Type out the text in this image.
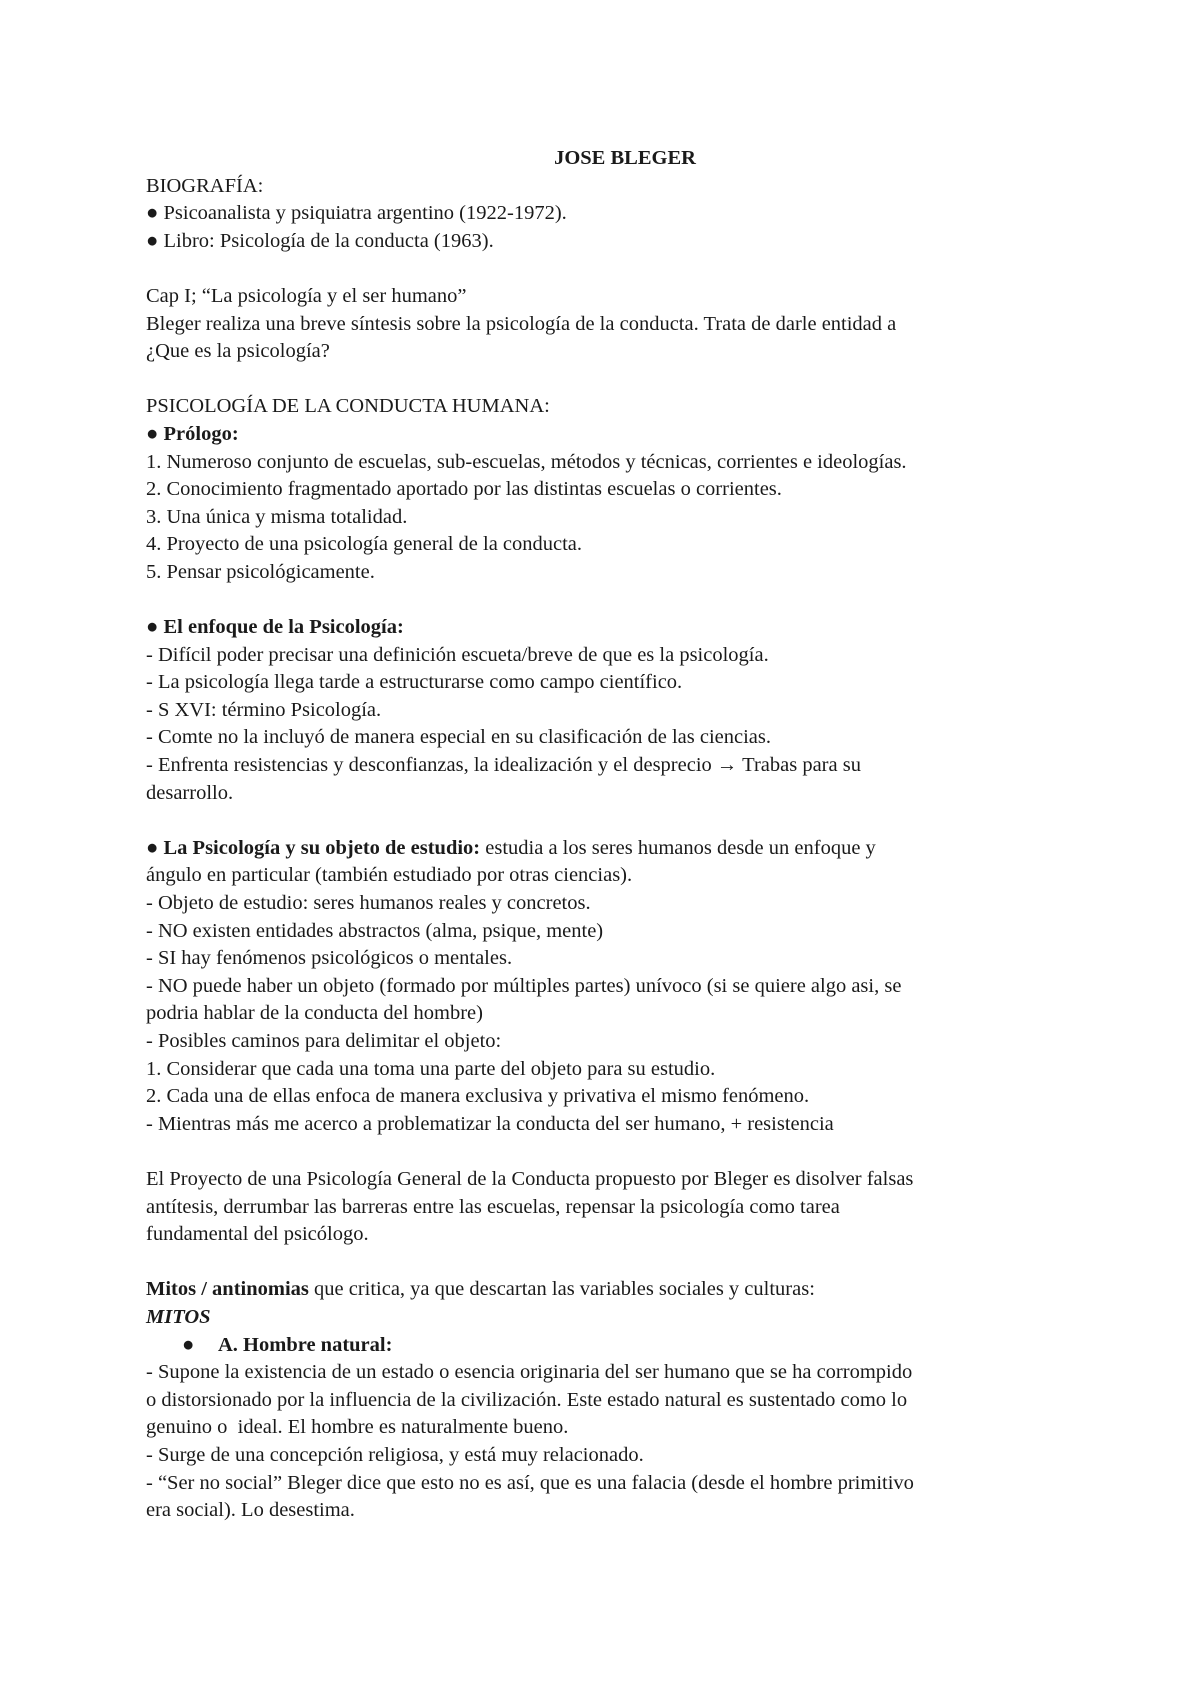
JOSE BLEGER

BIOGRAFÍA:

● Psicoanalista y psiquiatra argentino (1922-1972).

● Libro: Psicología de la conducta (1963).

Cap I; “La psicología y el ser humano”

Bleger realiza una breve síntesis sobre la psicología de la conducta. Trata de darle entidad a

¿Que es la psicología?

PSICOLOGÍA DE LA CONDUCTA HUMANA:

● Prólogo:

1. Numeroso conjunto de escuelas, sub-escuelas, métodos y técnicas, corrientes e ideologías.

2. Conocimiento fragmentado aportado por las distintas escuelas o corrientes.

3. Una única y misma totalidad.

4. Proyecto de una psicología general de la conducta.

5. Pensar psicológicamente.

● El enfoque de la Psicología:

- Difícil poder precisar una definición escueta/breve de que es la psicología.

- La psicología llega tarde a estructurarse como campo científico.

- S XVI: término Psicología.

- Comte no la incluyó de manera especial en su clasificación de las ciencias.

- Enfrenta resistencias y desconfianzas, la idealización y el desprecio → Trabas para su

desarrollo.

● La Psicología y su objeto de estudio: estudia a los seres humanos desde un enfoque y

ángulo en particular (también estudiado por otras ciencias).

- Objeto de estudio: seres humanos reales y concretos.

- NO existen entidades abstractos (alma, psique, mente)

- SI hay fenómenos psicológicos o mentales.

- NO puede haber un objeto (formado por múltiples partes) unívoco (si se quiere algo asi, se

podria hablar de la conducta del hombre)

- Posibles caminos para delimitar el objeto:

1. Considerar que cada una toma una parte del objeto para su estudio.

2. Cada una de ellas enfoca de manera exclusiva y privativa el mismo fenómeno.

- Mientras más me acerco a problematizar la conducta del ser humano, + resistencia

El Proyecto de una Psicología General de la Conducta propuesto por Bleger es disolver falsas

antítesis, derrumbar las barreras entre las escuelas, repensar la psicología como tarea

fundamental del psicólogo.

Mitos / antinomias que critica, ya que descartan las variables sociales y culturas:

MITOS

● A. Hombre natural:

- Supone la existencia de un estado o esencia originaria del ser humano que se ha corrompido

o distorsionado por la influencia de la civilización. Este estado natural es sustentado como lo

genuino o  ideal. El hombre es naturalmente bueno.

- Surge de una concepción religiosa, y está muy relacionado.

- “Ser no social” Bleger dice que esto no es así, que es una falacia (desde el hombre primitivo

era social). Lo desestima.
